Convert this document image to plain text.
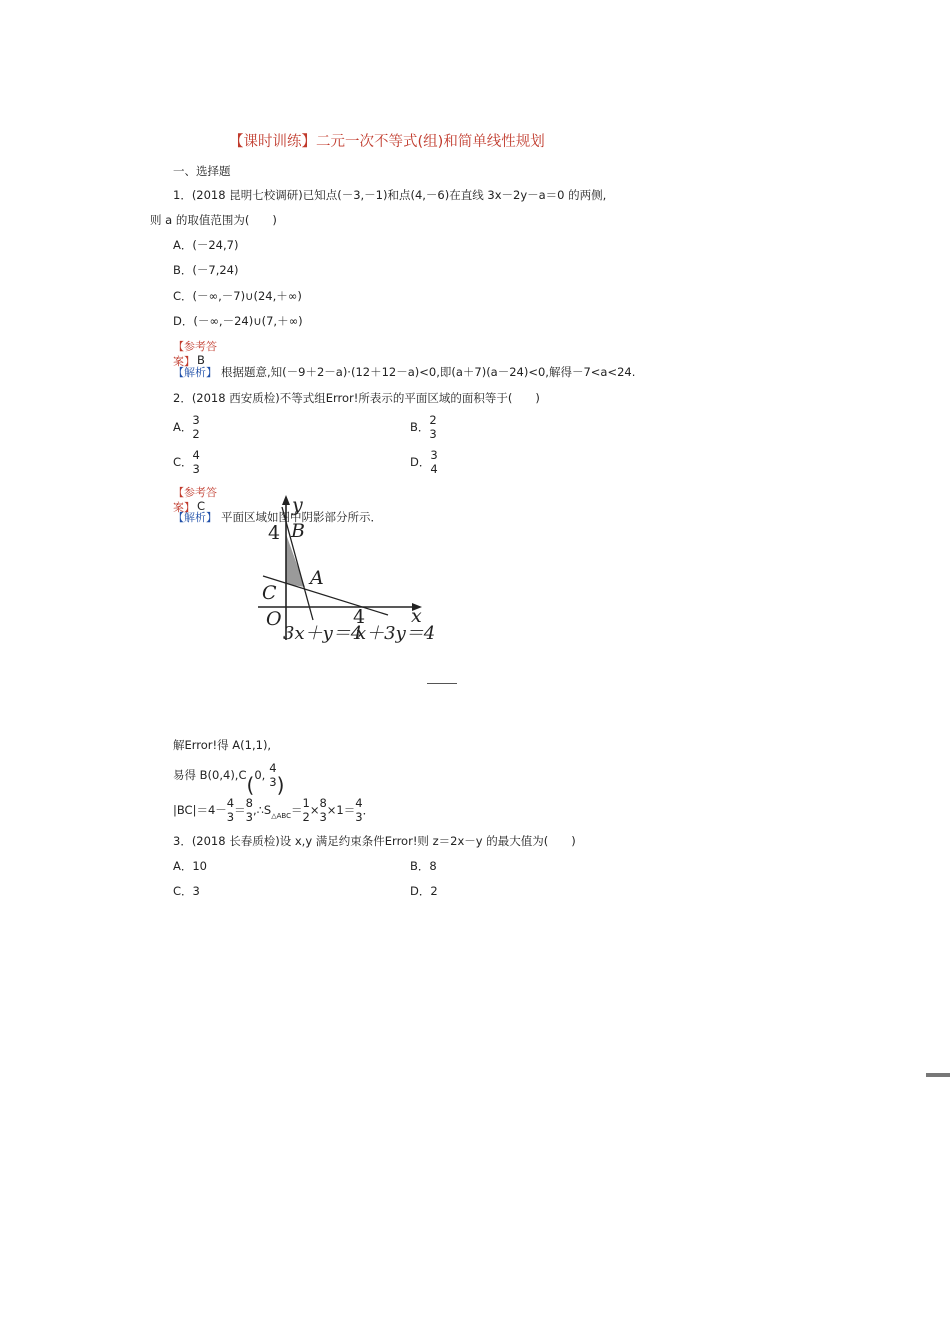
【课时训练】二元一次不等式(组)和简单线性规划
一、选择题
1．(2018 昆明七校调研)已知点(－3,－1)和点(4,－6)在直线 3x－2y－a＝0 的两侧,
则 a 的取值范围为(　　)
A．(－24,7)
B．(－7,24)
C．(－∞,－7)∪(24,＋∞)
D．(－∞,－24)∪(7,＋∞)
【参考答
案】 B
【解析】 根据题意,知(－9＋2－a)·(12＋12－a)<0,即(a＋7)(a－24)<0,解得－7<a<24.
2．(2018 西安质检)不等式组Error!所表示的平面区域的面积等于(　　)
A． 3
2
B． 2
3
C． 4
3
D． 3
4
【参考答
案】 C
【解析】 平面区域如图中阴影部分所示．
y
x
4
4
B
A
C
O
3x＋y＝4
x＋3y＝4
解Error!得 A(1,1),
易得 B(0,4),C(0, 4
3 )
|BC|＝4－ 4
3
＝ 8
3
$,\therefore S_{\triangle ABC}= 1$
2
× 8
3
×1＝ 4
3
．
3．(2018 长春质检)设 x,y 满足约束条件Error!则 z＝2x－y 的最大值为(　　)
A．10	B．8
C．3	D．2
